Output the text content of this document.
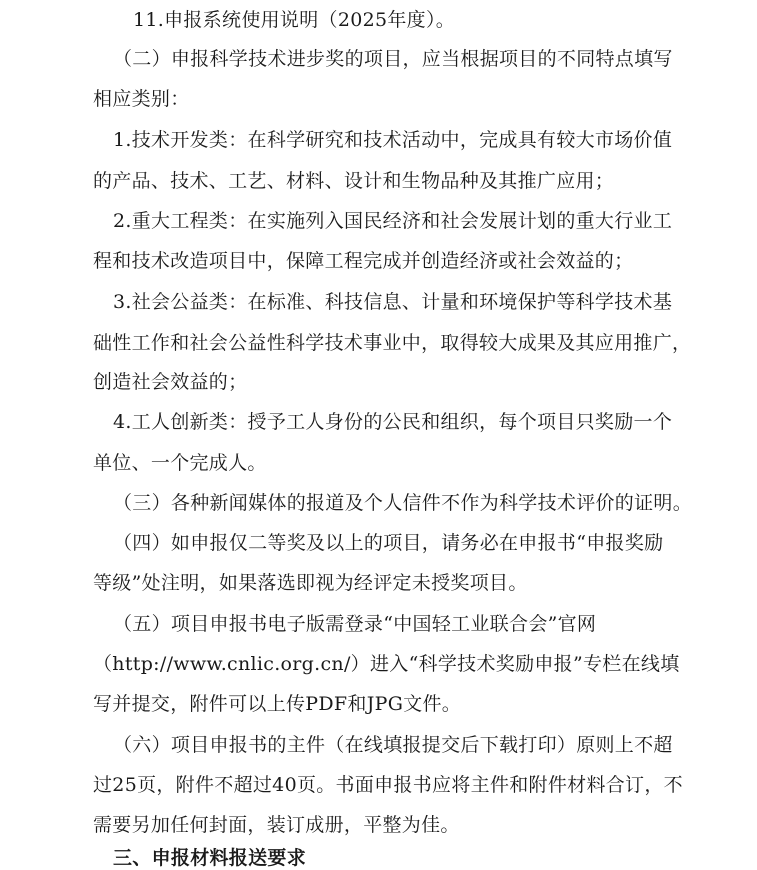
11.申报系统使用说明（2025年度）。
（二）申报科学技术进步奖的项目，应当根据项目的不同特点填写
相应类别：
1.技术开发类：在科学研究和技术活动中，完成具有较大市场价值
的产品、技术、工艺、材料、设计和生物品种及其推广应用；
2.重大工程类：在实施列入国民经济和社会发展计划的重大行业工
程和技术改造项目中，保障工程完成并创造经济或社会效益的；
3.社会公益类：在标准、科技信息、计量和环境保护等科学技术基
础性工作和社会公益性科学技术事业中，取得较大成果及其应用推广，
创造社会效益的；
4.工人创新类：授予工人身份的公民和组织，每个项目只奖励一个
单位、一个完成人。
（三）各种新闻媒体的报道及个人信件不作为科学技术评价的证明。
（四）如申报仅二等奖及以上的项目，请务必在申报书“申报奖励
等级”处注明，如果落选即视为经评定未授奖项目。
（五）项目申报书电子版需登录“中国轻工业联合会”官网
（http://www.cnlic.org.cn/）进入“科学技术奖励申报”专栏在线填
写并提交，附件可以上传PDF和JPG文件。
（六）项目申报书的主件（在线填报提交后下载打印）原则上不超
过25页，附件不超过40页。书面申报书应将主件和附件材料合订，不
需要另加任何封面，装订成册，平整为佳。
三、申报材料报送要求
